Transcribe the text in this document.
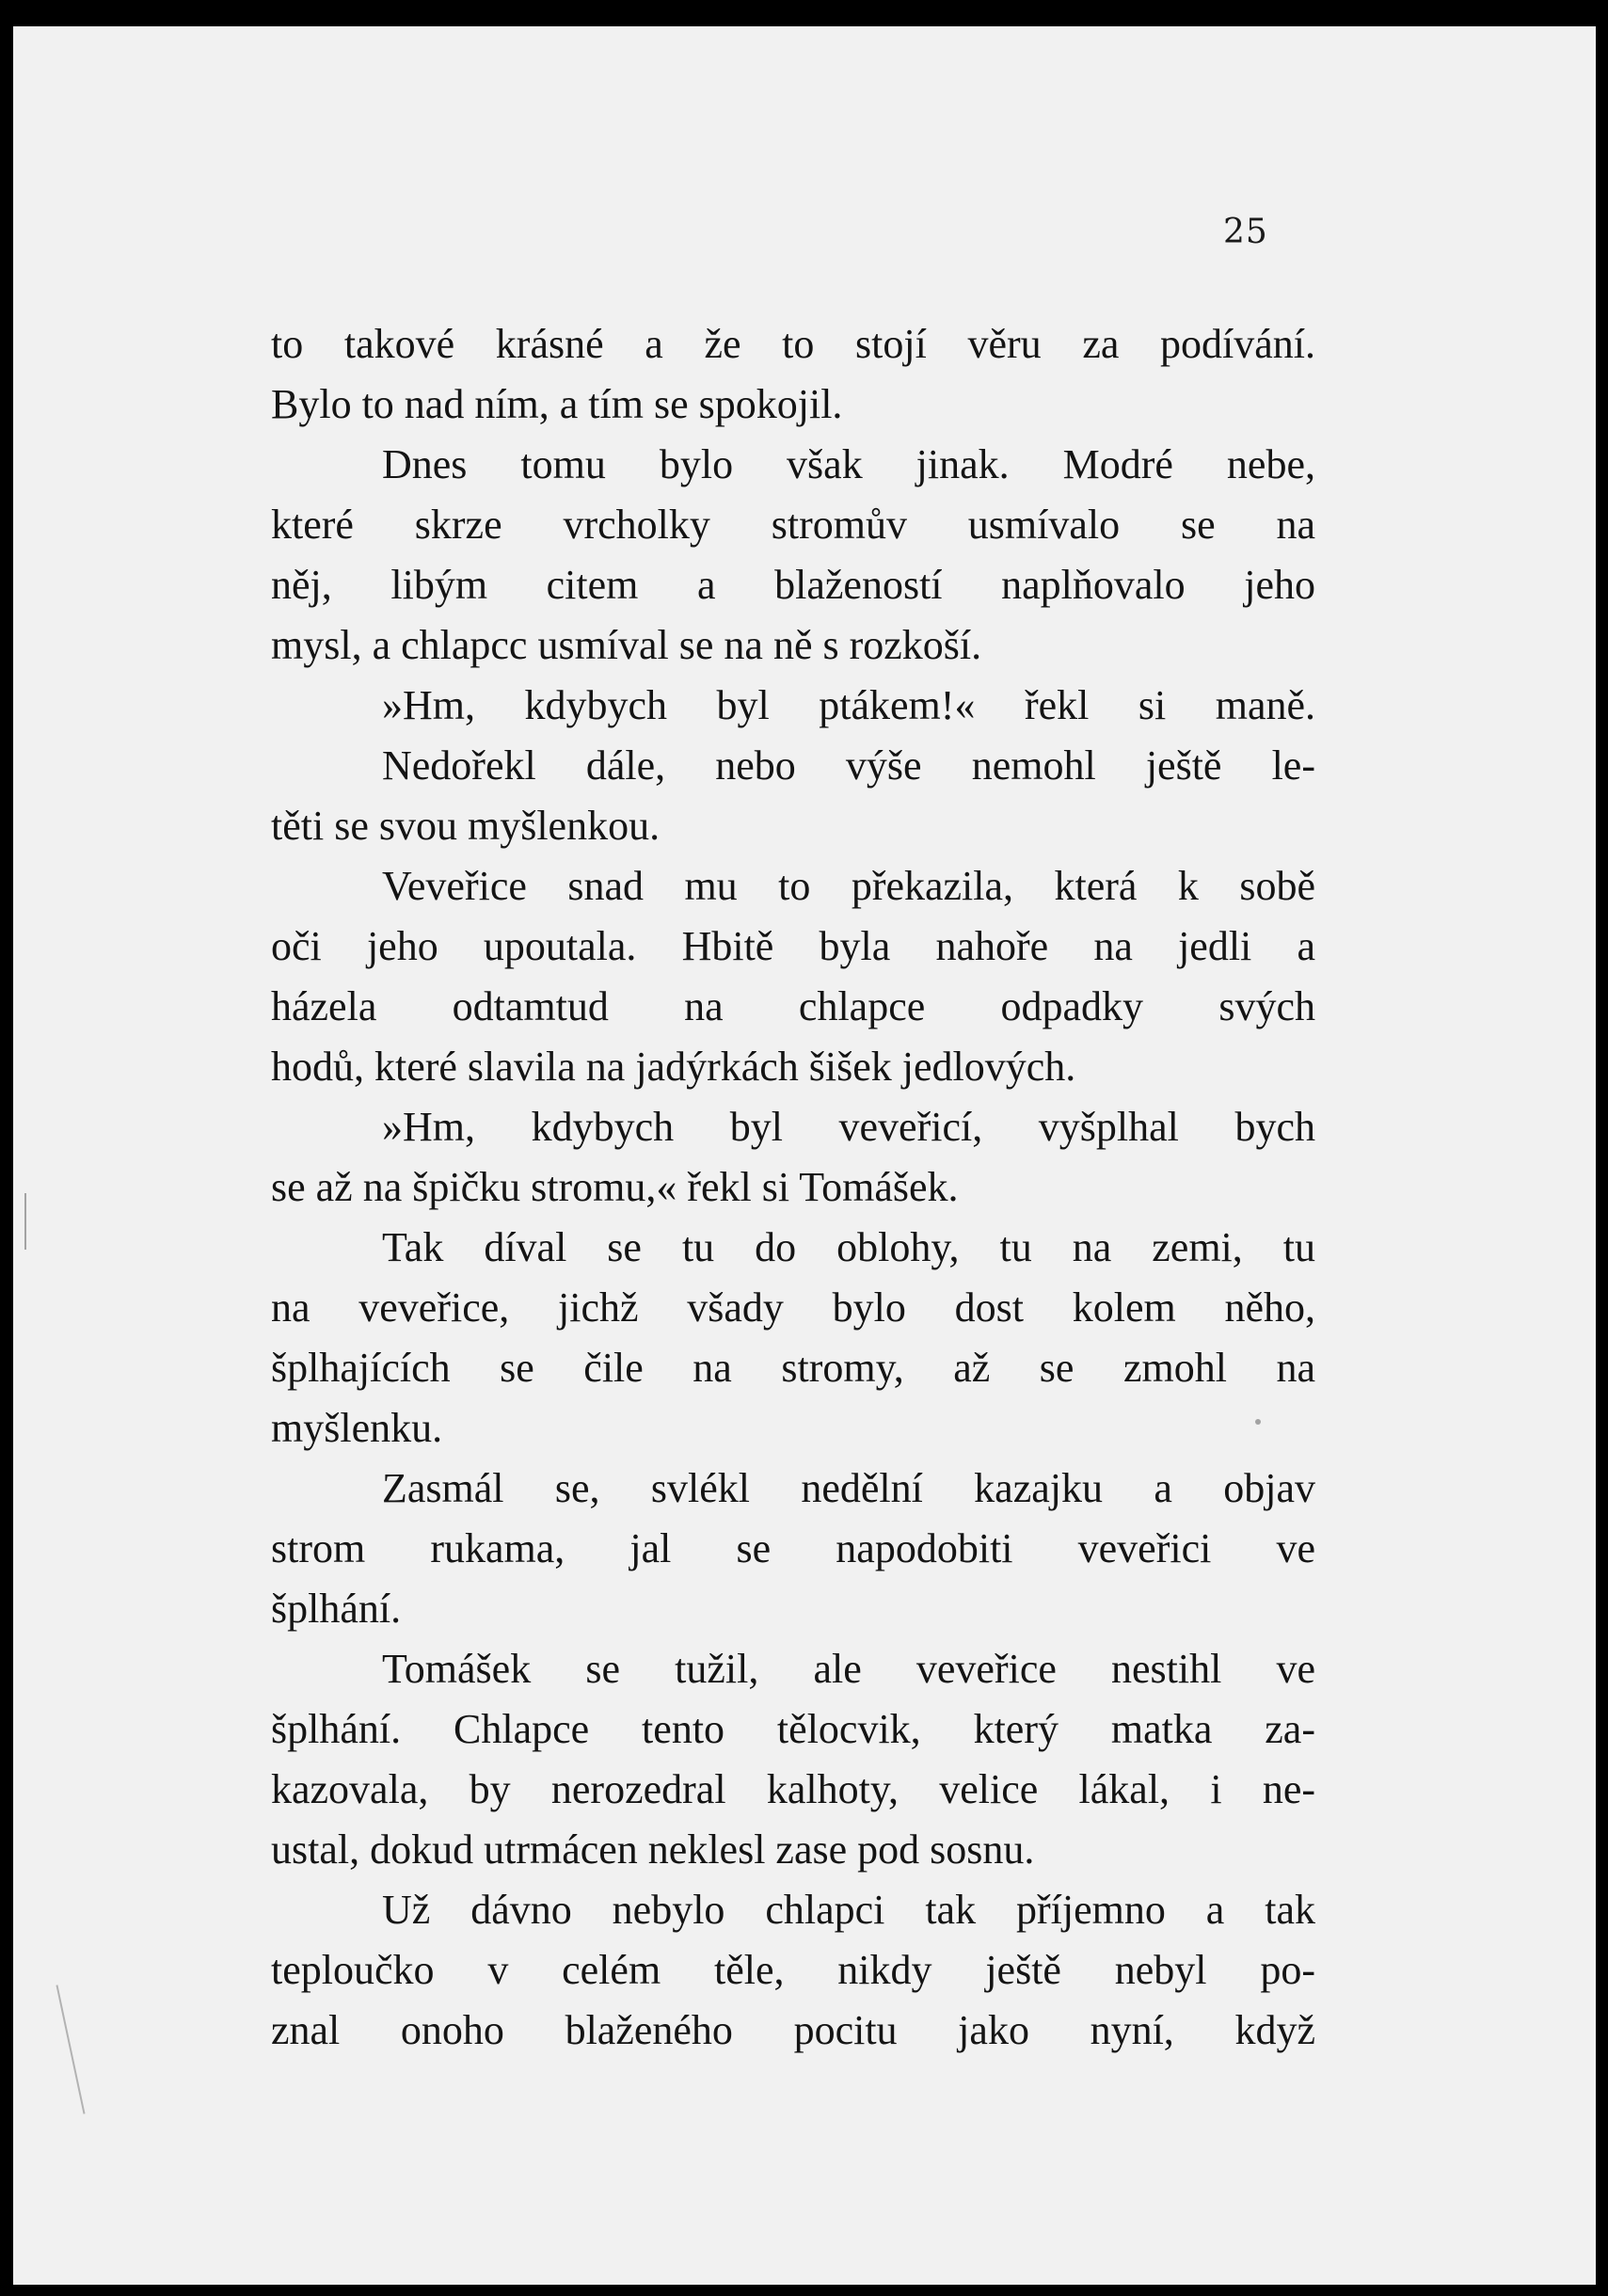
25
to takové krásné a že to stojí věru za podívání.
Bylo to nad ním, a tím se spokojil.
Dnes tomu bylo však jinak. Modré nebe,
které skrze vrcholky stromův usmívalo se na
něj, libým citem a blažeností naplňovalo jeho
mysl, a chlapcc usmíval se na ně s rozkoší.
»Hm, kdybych byl ptákem!« řekl si maně.
Nedořekl dále, nebo výše nemohl ještě le-
těti se svou myšlenkou.
Veveřice snad mu to překazila, která k sobě
oči jeho upoutala. Hbitě byla nahoře na jedli a
házela odtamtud na chlapce odpadky svých
hodů, které slavila na jadýrkách šišek jedlových.
»Hm, kdybych byl veveřicí, vyšplhal bych
se až na špičku stromu,« řekl si Tomášek.
Tak díval se tu do oblohy, tu na zemi, tu
na veveřice, jichž všady bylo dost kolem něho,
šplhajících se čile na stromy, až se zmohl na
myšlenku.
Zasmál se, svlékl nedělní kazajku a objav
strom rukama, jal se napodobiti veveřici ve
šplhání.
Tomášek se tužil, ale veveřice nestihl ve
šplhání. Chlapce tento tělocvik, který matka za-
kazovala, by nerozedral kalhoty, velice lákal, i ne-
ustal, dokud utrmácen neklesl zase pod sosnu.
Už dávno nebylo chlapci tak příjemno a tak
teploučko v celém těle, nikdy ještě nebyl po-
znal onoho blaženého pocitu jako nyní, když
